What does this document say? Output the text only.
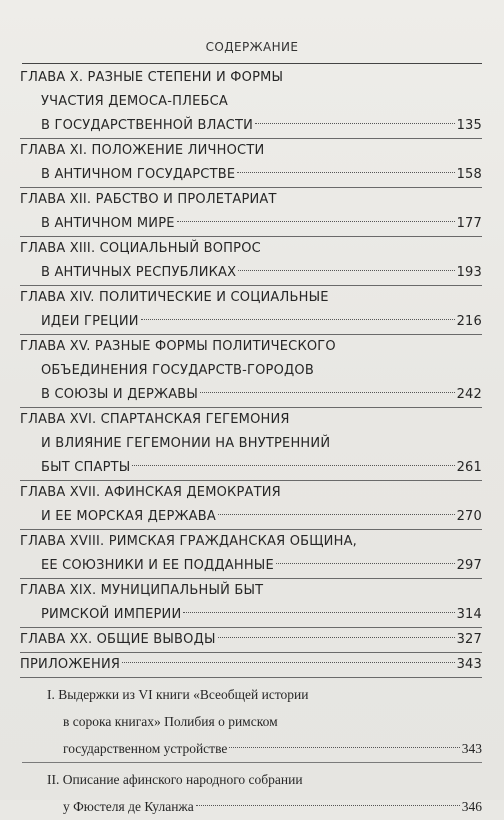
СОДЕРЖАНИЕ
ГЛАВА X. РАЗНЫЕ СТЕПЕНИ И ФОРМЫ
УЧАСТИЯ ДЕМОСА-ПЛЕБСА
В ГОСУДАРСТВЕННОЙ ВЛАСТИ	135
ГЛАВА XI. ПОЛОЖЕНИЕ ЛИЧНОСТИ
В АНТИЧНОМ ГОСУДАРСТВЕ	158
ГЛАВА XII. РАБСТВО И ПРОЛЕТАРИАТ
В АНТИЧНОМ МИРЕ	177
ГЛАВА XIII. СОЦИАЛЬНЫЙ ВОПРОС
В АНТИЧНЫХ РЕСПУБЛИКАХ	193
ГЛАВА XIV. ПОЛИТИЧЕСКИЕ И СОЦИАЛЬНЫЕ
ИДЕИ ГРЕЦИИ	216
ГЛАВА XV. РАЗНЫЕ ФОРМЫ ПОЛИТИЧЕСКОГО
ОБЪЕДИНЕНИЯ ГОСУДАРСТВ-ГОРОДОВ
В СОЮЗЫ И ДЕРЖАВЫ	242
ГЛАВА XVI. СПАРТАНСКАЯ ГЕГЕМОНИЯ
И ВЛИЯНИЕ ГЕГЕМОНИИ НА ВНУТРЕННИЙ
БЫТ СПАРТЫ	261
ГЛАВА XVII. АФИНСКАЯ ДЕМОКРАТИЯ
И ЕЕ МОРСКАЯ ДЕРЖАВА	270
ГЛАВА XVIII. РИМСКАЯ ГРАЖДАНСКАЯ ОБЩИНА,
ЕЕ СОЮЗНИКИ И ЕЕ ПОДДАННЫЕ	297
ГЛАВА XIX. МУНИЦИПАЛЬНЫЙ БЫТ
РИМСКОЙ ИМПЕРИИ	314
ГЛАВА XX. ОБЩИЕ ВЫВОДЫ	327
ПРИЛОЖЕНИЯ	343
I. Выдержки из VI книги «Всеобщей истории
в сорока книгах» Полибия о римском
государственном устройстве	343
II. Описание афинского народного собрании
у Фюстеля де Куланжа	346
